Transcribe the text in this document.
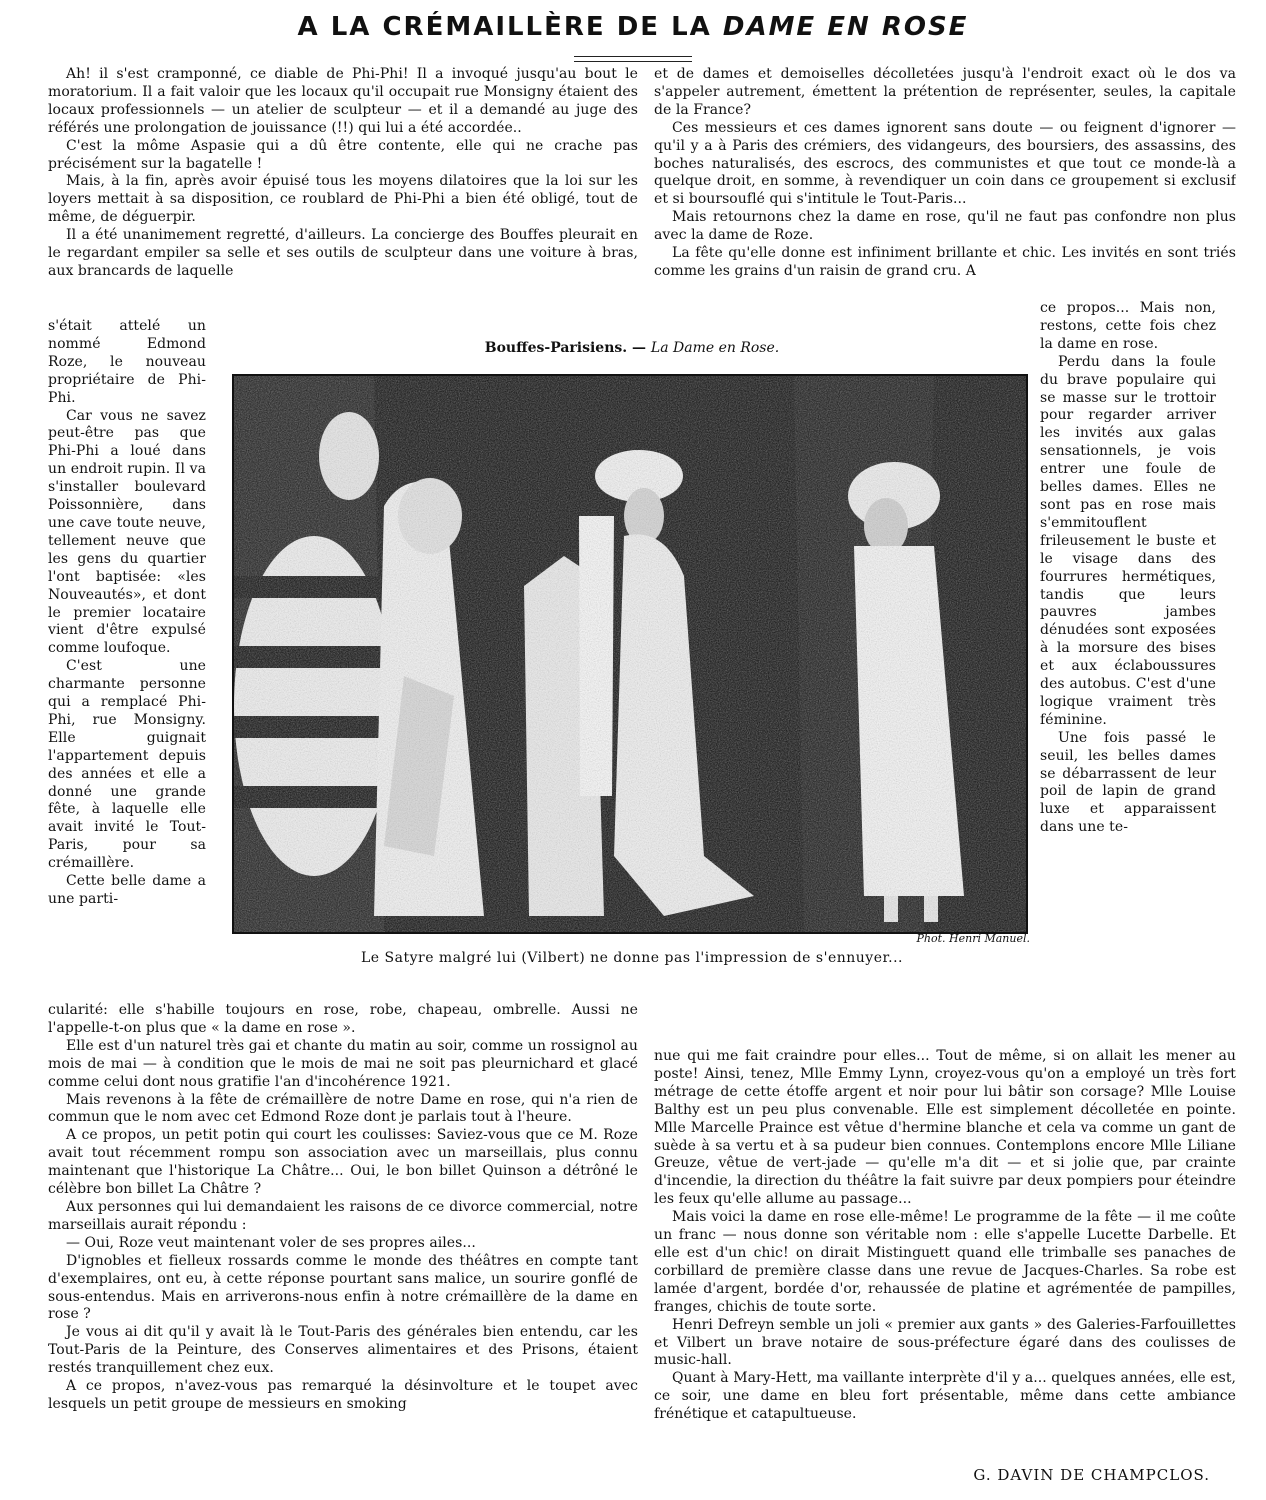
A LA CRÉMAILLÈRE DE LA DAME EN ROSE

Ah! il s'est cramponné, ce diable de Phi-Phi! Il a invoqué jusqu'au bout le moratorium. Il a fait valoir que les locaux qu'il occupait rue Monsigny étaient des locaux professionnels — un atelier de sculpteur — et il a demandé au juge des référés une prolongation de jouissance (!!) qui lui a été accordée..

C'est la môme Aspasie qui a dû être contente, elle qui ne crache pas précisément sur la bagatelle !

Mais, à la fin, après avoir épuisé tous les moyens dilatoires que la loi sur les loyers mettait à sa disposition, ce roublard de Phi-Phi a bien été obligé, tout de même, de déguerpir.

Il a été unanimement regretté, d'ailleurs. La concierge des Bouffes pleurait en le regardant empiler sa selle et ses outils de sculpteur dans une voiture à bras, aux brancards de laquelle

et de dames et demoiselles décolletées jusqu'à l'endroit exact où le dos va s'appeler autrement, émettent la prétention de représenter, seules, la capitale de la France?

Ces messieurs et ces dames ignorent sans doute — ou feignent d'ignorer — qu'il y a à Paris des crémiers, des vidangeurs, des boursiers, des assassins, des boches naturalisés, des escrocs, des communistes et que tout ce monde-là a quelque droit, en somme, à revendiquer un coin dans ce groupement si exclusif et si boursouflé qui s'intitule le Tout-Paris...

Mais retournons chez la dame en rose, qu'il ne faut pas confondre non plus avec la dame de Roze.

La fête qu'elle donne est infiniment brillante et chic. Les invités en sont triés comme les grains d'un raisin de grand cru. A

s'était attelé un nommé Edmond Roze, le nouveau propriétaire de Phi-Phi.

Car vous ne savez peut-être pas que Phi-Phi a loué dans un endroit rupin. Il va s'installer boulevard Poissonnière, dans une cave toute neuve, tellement neuve que les gens du quartier l'ont baptisée: «les Nouveautés», et dont le premier locataire vient d'être expulsé comme loufoque.

C'est une charmante personne qui a remplacé Phi-Phi, rue Monsigny. Elle guignait l'appartement depuis des années et elle a donné une grande fête, à laquelle elle avait invité le Tout-Paris, pour sa crémaillère.

Cette belle dame a une parti-

ce propos... Mais non, restons, cette fois chez la dame en rose.

Perdu dans la foule du brave populaire qui se masse sur le trottoir pour regarder arriver les invités aux galas sensationnels, je vois entrer une foule de belles dames. Elles ne sont pas en rose mais s'emmitouflent frileusement le buste et le visage dans des fourrures hermétiques, tandis que leurs pauvres jambes dénudées sont exposées à la morsure des bises et aux éclaboussures des autobus. C'est d'une logique vraiment très féminine.

Une fois passé le seuil, les belles dames se débarrassent de leur poil de lapin de grand luxe et apparaissent dans une te-

cularité: elle s'habille toujours en rose, robe, chapeau, ombrelle. Aussi ne l'appelle-t-on plus que « la dame en rose ».

Elle est d'un naturel très gai et chante du matin au soir, comme un rossignol au mois de mai — à condition que le mois de mai ne soit pas pleurnichard et glacé comme celui dont nous gratifie l'an d'incohérence 1921.

Mais revenons à la fête de crémaillère de notre Dame en rose, qui n'a rien de commun que le nom avec cet Edmond Roze dont je parlais tout à l'heure.

A ce propos, un petit potin qui court les coulisses: Saviez-vous que ce M. Roze avait tout récemment rompu son association avec un marseillais, plus connu maintenant que l'historique La Châtre... Oui, le bon billet Quinson a détrôné le célèbre bon billet La Châtre ?

Aux personnes qui lui demandaient les raisons de ce divorce commercial, notre marseillais aurait répondu :

— Oui, Roze veut maintenant voler de ses propres ailes...

D'ignobles et fielleux rossards comme le monde des théâtres en compte tant d'exemplaires, ont eu, à cette réponse pourtant sans malice, un sourire gonflé de sous-entendus. Mais en arriverons-nous enfin à notre crémaillère de la dame en rose ?

Je vous ai dit qu'il y avait là le Tout-Paris des générales bien entendu, car les Tout-Paris de la Peinture, des Conserves alimentaires et des Prisons, étaient restés tranquillement chez eux.

A ce propos, n'avez-vous pas remarqué la désinvolture et le toupet avec lesquels un petit groupe de messieurs en smoking

nue qui me fait craindre pour elles... Tout de même, si on allait les mener au poste! Ainsi, tenez, Mlle Emmy Lynn, croyez-vous qu'on a employé un très fort métrage de cette étoffe argent et noir pour lui bâtir son corsage? Mlle Louise Balthy est un peu plus convenable. Elle est simplement décolletée en pointe. Mlle Marcelle Praince est vêtue d'hermine blanche et cela va comme un gant de suède à sa vertu et à sa pudeur bien connues. Contemplons encore Mlle Liliane Greuze, vêtue de vert-jade — qu'elle m'a dit — et si jolie que, par crainte d'incendie, la direction du théâtre la fait suivre par deux pompiers pour éteindre les feux qu'elle allume au passage...

Mais voici la dame en rose elle-même! Le programme de la fête — il me coûte un franc — nous donne son véritable nom : elle s'appelle Lucette Darbelle. Et elle est d'un chic! on dirait Mistinguett quand elle trimballe ses panaches de corbillard de première classe dans une revue de Jacques-Charles. Sa robe est lamée d'argent, bordée d'or, rehaussée de platine et agrémentée de pampilles, franges, chichis de toute sorte.

Henri Defreyn semble un joli « premier aux gants » des Galeries-Farfouillettes et Vilbert un brave notaire de sous-préfecture égaré dans des coulisses de music-hall.

Quant à Mary-Hett, ma vaillante interprète d'il y a... quelques années, elle est, ce soir, une dame en bleu fort présentable, même dans cette ambiance frénétique et catapultueuse.

Bouffes-Parisiens. — La Dame en Rose.
Phot. Henri Manuel.
Le Satyre malgré lui (Vilbert) ne donne pas l'impression de s'ennuyer...
G. DAVIN DE CHAMPCLOS.
